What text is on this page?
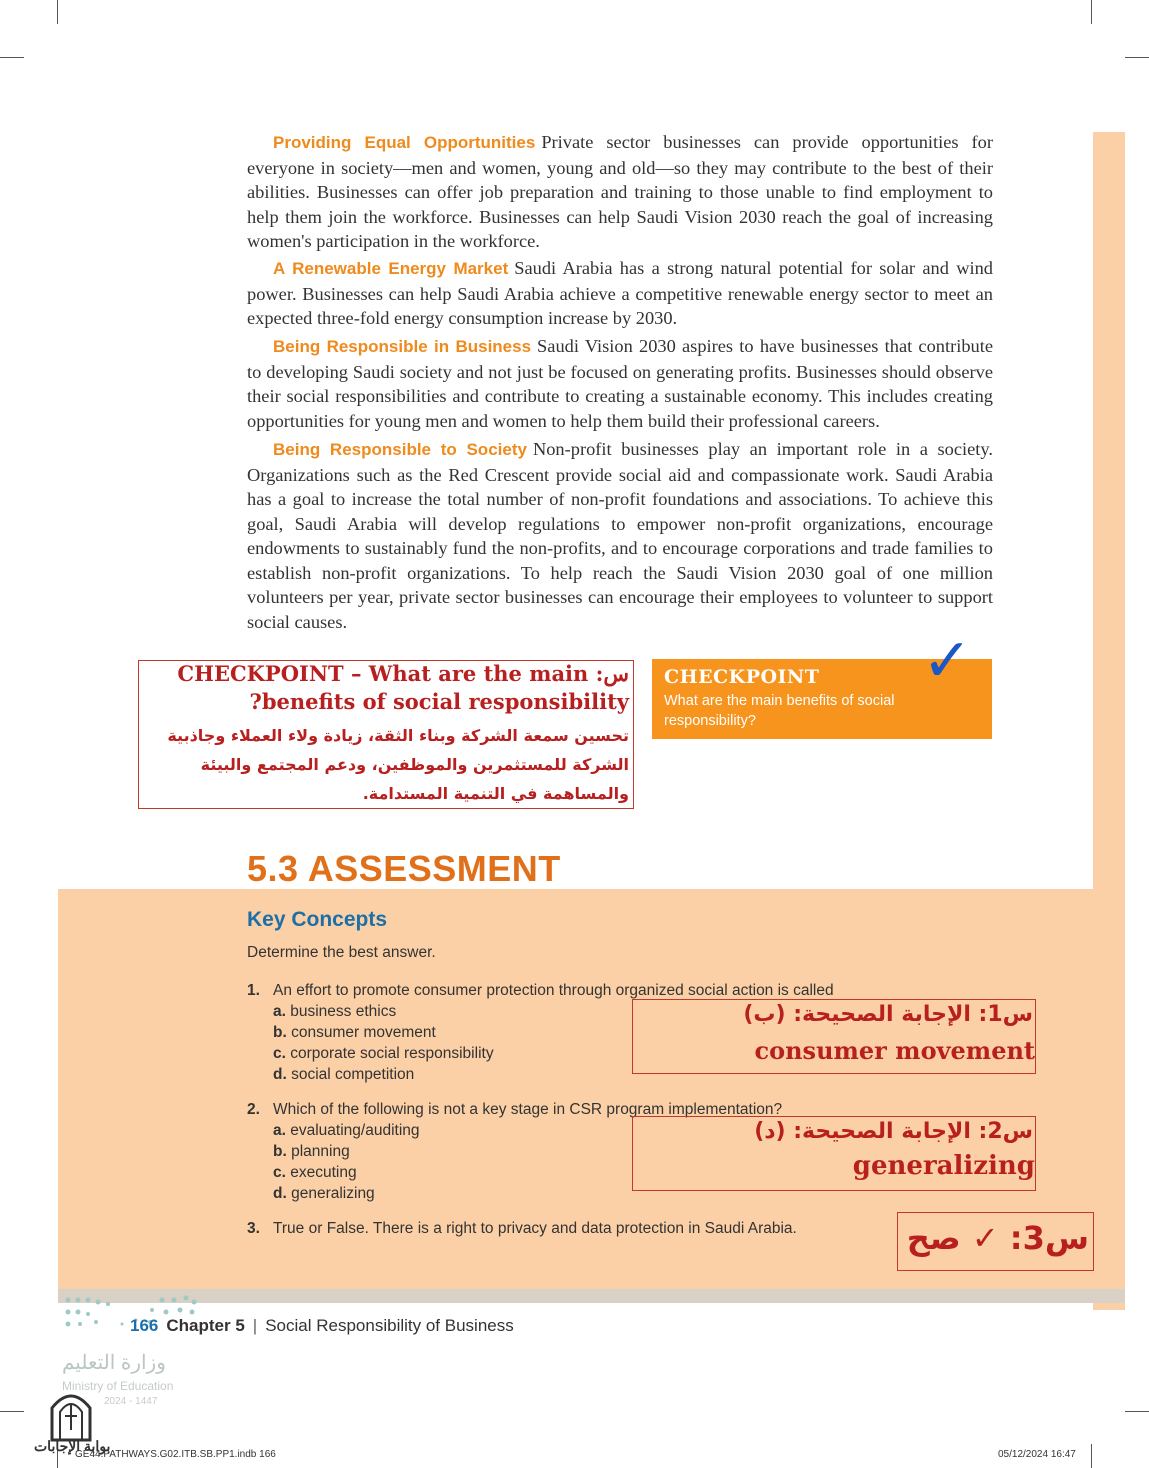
Providing Equal Opportunities Private sector businesses can provide opportunities for everyone in society—men and women, young and old—so they may contribute to the best of their abilities. Businesses can offer job preparation and training to those unable to find employment to help them join the workforce. Businesses can help Saudi Vision 2030 reach the goal of increasing women's participation in the workforce.
A Renewable Energy Market Saudi Arabia has a strong natural potential for solar and wind power. Businesses can help Saudi Arabia achieve a competitive renewable energy sector to meet an expected three-fold energy consumption increase by 2030.
Being Responsible in Business Saudi Vision 2030 aspires to have businesses that contribute to developing Saudi society and not just be focused on generating profits. Businesses should observe their social responsibilities and contribute to creating a sustainable economy. This includes creating opportunities for young men and women to help them build their professional careers.
Being Responsible to Society Non-profit businesses play an important role in a society. Organizations such as the Red Crescent provide social aid and compassionate work. Saudi Arabia has a goal to increase the total number of non-profit foundations and associations. To achieve this goal, Saudi Arabia will develop regulations to empower non-profit organizations, encourage endowments to sustainably fund the non-profits, and to encourage corporations and trade families to establish non-profit organizations. To help reach the Saudi Vision 2030 goal of one million volunteers per year, private sector businesses can encourage their employees to volunteer to support social causes.
CHECKPOINT – What are the main :س
?benefits of social responsibility
تحسين سمعة الشركة وبناء الثقة، زيادة ولاء العملاء وجاذبية الشركة للمستثمرين والموظفين، ودعم المجتمع والبيئة والمساهمة في التنمية المستدامة.
CHECKPOINT
What are the main benefits of social responsibility?
✓
5.3 ASSESSMENT
Key Concepts
Determine the best answer.
1. An effort to promote consumer protection through organized social action is called
a. business ethics
b. consumer movement
c. corporate social responsibility
d. social competition
س1: الإجابة الصحيحة: (ب)
consumer movement
2. Which of the following is not a key stage in CSR program implementation?
a. evaluating/auditing
b. planning
c. executing
d. generalizing
س2: الإجابة الصحيحة: (د)
generalizing
3. True or False. There is a right to privacy and data protection in Saudi Arabia.	س3: ✓ صح
166 Chapter 5 | Social Responsibility of Business
وزارة التعليم
Ministry of Education
2024 - 1447
بوابة الإجابات
GE44.PATHWAYS.G02.ITB.SB.PP1.indb 166	05/12/2024 16:47
